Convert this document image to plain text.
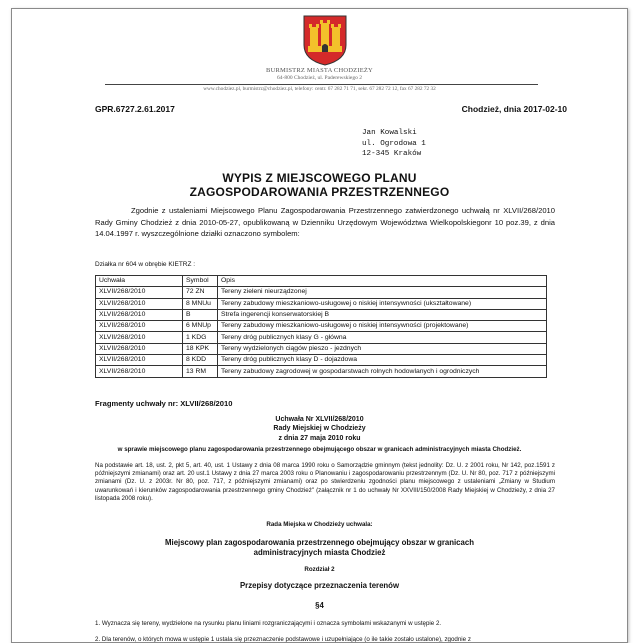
BURMISTRZ MIASTA CHODZIEŻY
64-800 Chodzież, ul. Paderewskiego 2
www.chodziez.pl, burmistrz@chodziez.pl, telefony: centr. 67 282 71 71, sekr. 67 282 72 12, fax 67 282 72 32
GPR.6727.2.61.2017	Chodzież, dnia 2017-02-10
Jan Kowalski
ul. Ogrodowa 1
12-345 Kraków
WYPIS Z MIEJSCOWEGO PLANU
ZAGOSPODAROWANIA PRZESTRZENNEGO
Zgodnie z ustaleniami Miejscowego Planu Zagospodarowania Przestrzennego zatwierdzonego uchwałą nr XLVII/268/2010 Rady Gminy Chodzież z dnia 2010-05-27, opublikowaną w Dzienniku Urzędowym Województwa Wielkopolskiegonr 10 poz.39, z dnia 14.04.1997 r. wyszczególnione działki oznaczono symbolem:
Działka nr 604 w obrębie KIETRZ :
Uchwała	Symbol	Opis
XLVII/268/2010	72 ZN	Tereny zieleni nieurządzonej
XLVII/268/2010	8 MNUu	Tereny zabudowy mieszkaniowo-usługowej o niskiej intensywności (ukształtowane)
XLVII/268/2010	B	Strefa ingerencji konserwatorskiej B
XLVII/268/2010	6 MNUp	Tereny zabudowy mieszkaniowo-usługowej o niskiej intensywności (projektowane)
XLVII/268/2010	1 KDG	Tereny dróg publicznych klasy G - główna
XLVII/268/2010	18 KPK	Tereny wydzielonych ciągów pieszo - jezdnych
XLVII/268/2010	8 KDD	Tereny dróg publicznych klasy D - dojazdowa
XLVII/268/2010	13 RM	Tereny zabudowy zagrodowej w gospodarstwach rolnych hodowlanych i ogrodniczych
Fragmenty uchwały nr: XLVII/268/2010
Uchwała Nr XLVII/268/2010
Rady Miejskiej w Chodzieży
z dnia 27 maja 2010 roku
w sprawie miejscowego planu zagospodarowania przestrzennego obejmującego obszar w granicach administracyjnych miasta Chodzież.
Na podstawie art. 18, ust. 2, pkt 5, art. 40, ust. 1 Ustawy z dnia 08 marca 1990 roku o Samorządzie gminnym (tekst jednolity: Dz. U. z 2001 roku, Nr 142, poz.1591 z późniejszymi zmianami) oraz art. 20 ust.1 Ustawy z dnia 27 marca 2003 roku o Planowaniu i zagospodarowaniu przestrzennym (Dz. U. Nr 80, poz. 717 z późniejszymi zmianami (Dz. U. z 2003r. Nr 80, poz. 717, z późniejszymi zmianami) oraz po stwierdzeniu zgodności planu miejscowego z ustaleniami „Zmiany w Studium uwarunkowań i kierunków zagospodarowania przestrzennego gminy Chodzież" (załącznik nr 1 do uchwały Nr XXVIII/150/2008 Rady Miejskiej w Chodzieży, z dnia 27 listopada 2008 roku).
Rada Miejska w Chodzieży uchwala:
Miejscowy plan zagospodarowania przestrzennego obejmujący obszar w granicach
administracyjnych miasta Chodzież
Rozdział 2
Przepisy dotyczące przeznaczenia terenów
§4
1. Wyznacza się tereny, wydzielone na rysunku planu liniami rozgraniczającymi i oznacza symbolami wskazanymi w ustępie 2.
2. Dla terenów, o których mowa w ustępie 1 ustala się przeznaczenie podstawowe i uzupełniające (o ile takie zostało ustalone), zgodnie z
